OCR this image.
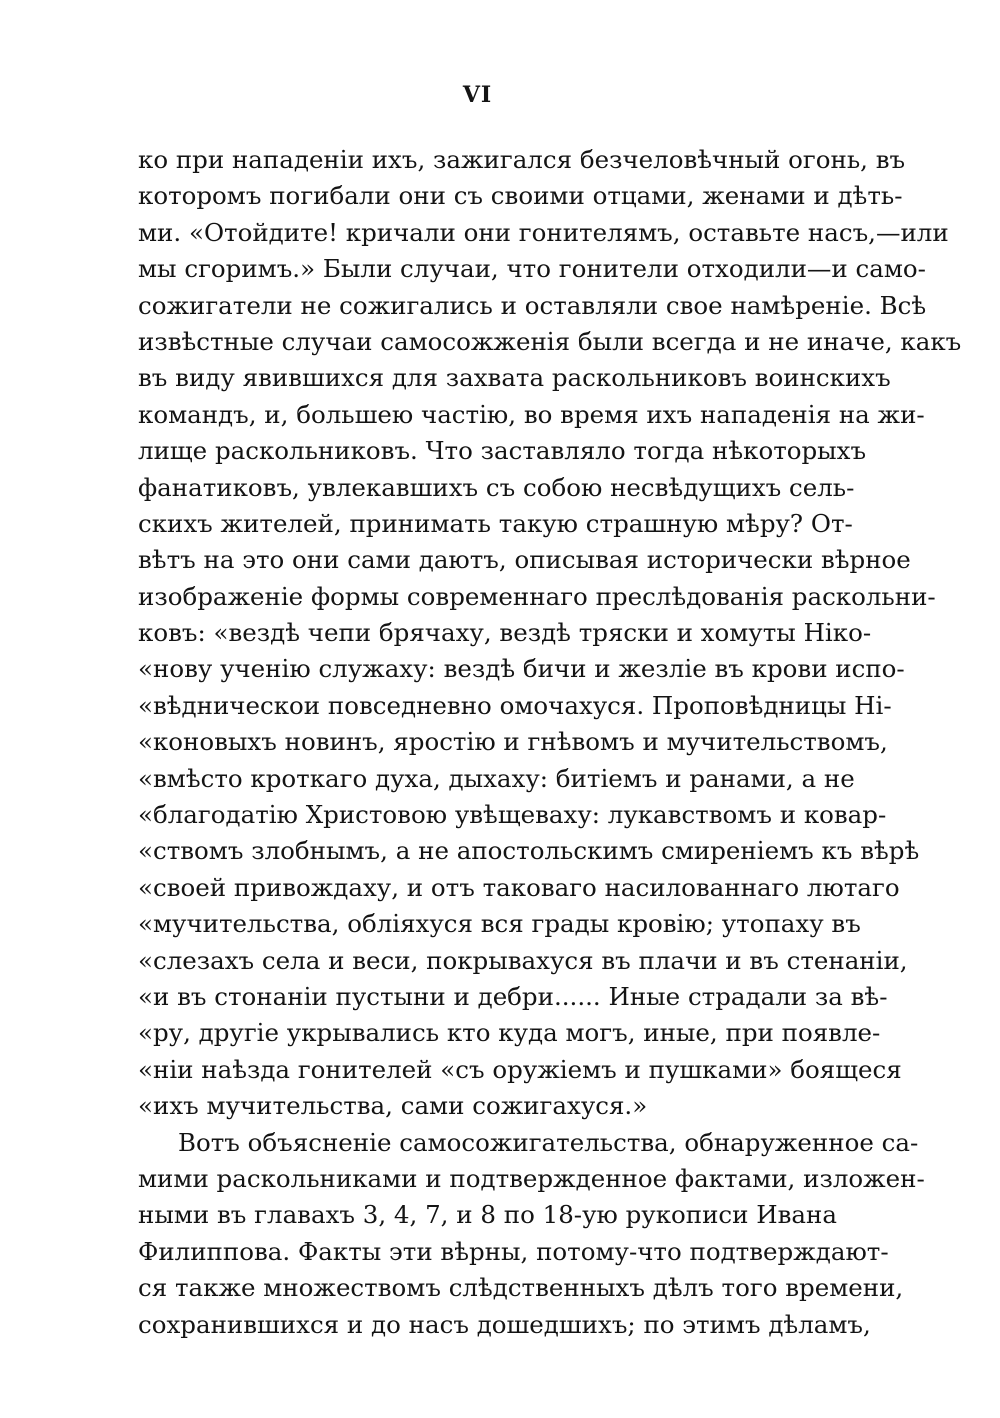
VI
ко при нападеніи ихъ, зажигался безчеловѣчный огонь, въ
которомъ погибали они съ своими отцами, женами и дѣть-
ми. «Отойдите! кричали они гонителямъ, оставьте насъ,—или
мы сгоримъ.» Были случаи, что гонители отходили—и само-
сожигатели не сожигались и оставляли свое намѣреніе. Всѣ
извѣстные случаи самосожженія были всегда и не иначе, какъ
въ виду явившихся для захвата раскольниковъ воинскихъ
командъ, и, большею частію, во время ихъ нападенія на жи-
лище раскольниковъ. Что заставляло тогда нѣкоторыхъ
фанатиковъ, увлекавшихъ съ собою несвѣдущихъ сель-
скихъ жителей, принимать такую страшную мѣру? От-
вѣтъ на это они сами даютъ, описывая исторически вѣрное
изображеніе формы современнаго преслѣдованія раскольни-
ковъ: «вездѣ чепи брячаху, вездѣ тряски и хомуты Ніко-
«нову ученію служаху: вездѣ бичи и жезліе въ крови испо-
«вѣдническои повседневно омочахуся. Проповѣдницы Ні-
«коновыхъ новинъ, яростію и гнѣвомъ и мучительствомъ,
«вмѣсто кроткаго духа, дыхаху: битіемъ и ранами, а не
«благодатію Христовою увѣщеваху: лукавствомъ и ковар-
«ствомъ злобнымъ, а не апостольскимъ смиреніемъ къ вѣрѣ
«своей привождаху, и отъ таковаго насилованнаго лютаго
«мучительства, обліяхуся вся грады кровію; утопаху въ
«слезахъ села и веси, покрывахуся въ плачи и въ стенаніи,
«и въ стонаніи пустыни и дебри...... Иные страдали за вѣ-
«ру, другіе укрывались кто куда могъ, иные, при появле-
«ніи наѣзда гонителей «съ оружіемъ и пушками» боящеся
«ихъ мучительства, сами сожигахуся.»
Вотъ объясненіе самосожигательства, обнаруженное са-
мими раскольниками и подтвержденное фактами, изложен-
ными въ главахъ 3, 4, 7, и 8 по 18-ую рукописи Ивана
Филиппова. Факты эти вѣрны, потому-что подтверждают-
ся также множествомъ слѣдственныхъ дѣлъ того времени,
сохранившихся и до насъ дошедшихъ; по этимъ дѣламъ,
